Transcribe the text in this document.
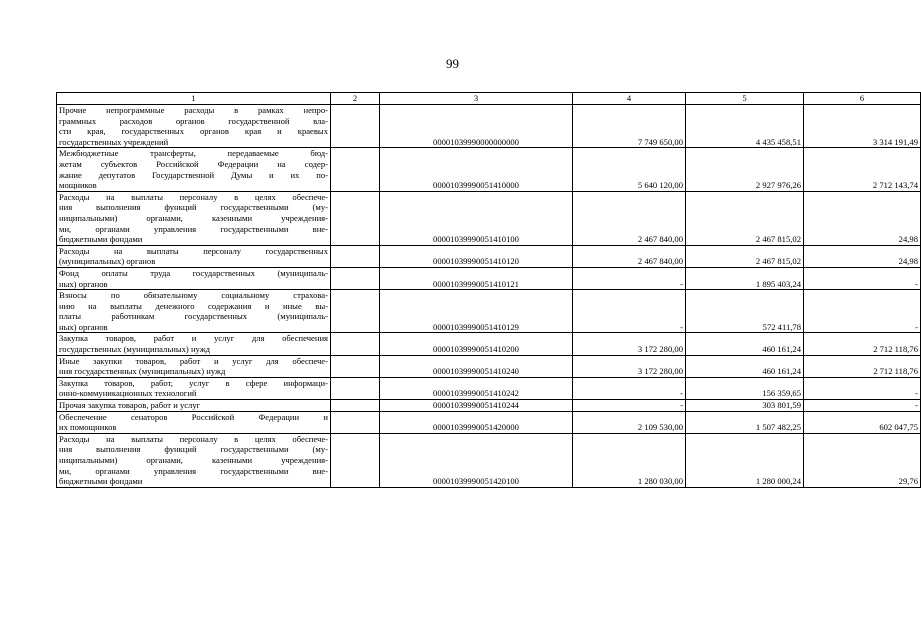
99
1	2	3	4	5	6

Прочие непрограммные расходы в рамках непро-
граммных расходов органов государственной вла-
сти края, государственных органов края и краевых
государственных учреждений		00001039990000000000	7 749 650,00	4 435 458,51	3 314 191,49

Межбюджетные трансферты, передаваемые бюд-
жетам субъектов Российской Федерации на содер-
жание депутатов Государственной Думы и их по-
мощников		00001039990051410000	5 640 120,00	2 927 976,26	2 712 143,74

Расходы на выплаты персоналу в целях обеспече-
ния выполнения функций государственными (му-
ниципальными) органами, казенными учреждения-
ми, органами управления государственными вне-
бюджетными фондами		00001039990051410100	2 467 840,00	2 467 815,02	24,98

Расходы на выплаты персоналу государственных
(муниципальных) органов		00001039990051410120	2 467 840,00	2 467 815,02	24,98

Фонд оплаты труда государственных (муниципаль-
ных) органов		00001039990051410121	-	1 895 403,24	-

Взносы по обязательному социальному страхова-
нию на выплаты денежного содержания и иные вы-
платы работникам государственных (муниципаль-
ных) органов		00001039990051410129	-	572 411,78	-

Закупка товаров, работ и услуг для обеспечения
государственных (муниципальных) нужд		00001039990051410200	3 172 280,00	460 161,24	2 712 118,76

Иные закупки товаров, работ и услуг для обеспече-
ния государственных (муниципальных) нужд		00001039990051410240	3 172 280,00	460 161,24	2 712 118,76

Закупка товаров, работ, услуг в сфере информаци-
онно-коммуникационных технологий		00001039990051410242	-	156 359,65	-

Прочая закупка товаров, работ и услуг		00001039990051410244	-	303 801,59	-

Обеспечение сенаторов Российской Федерации и
их помощников		00001039990051420000	2 109 530,00	1 507 482,25	602 047,75

Расходы на выплаты персоналу в целях обеспече-
ния выполнения функций государственными (му-
ниципальными) органами, казенными учреждения-
ми, органами управления государственными вне-
бюджетными фондами		00001039990051420100	1 280 030,00	1 280 000,24	29,76
